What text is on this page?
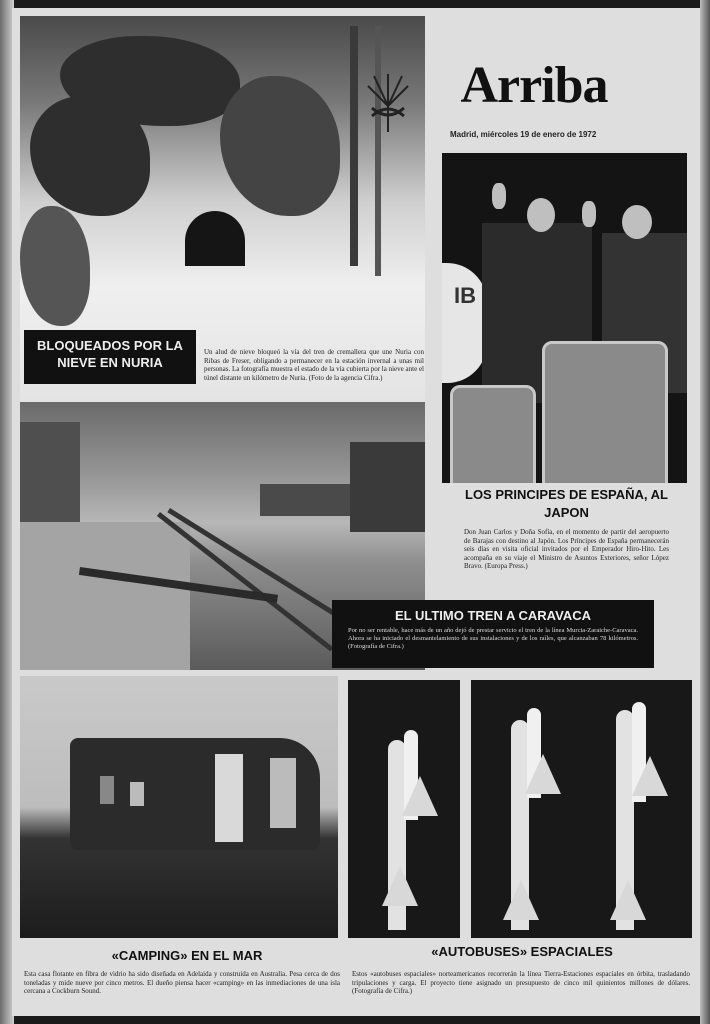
Arriba
Madrid, miércoles 19 de enero de 1972
BLOQUEADOS POR LA NIEVE EN NURIA
Un alud de nieve bloqueó la vía del tren de cremallera que une Nuria con Ribas de Freser, obligando a permanecer en la estación invernal a unas mil personas. La fotografía muestra el estado de la vía cubierta por la nieve ante el túnel distante un kilómetro de Nuria. (Foto de la agencia Cifra.)
IB
LOS PRINCIPES DE ESPAÑA, AL JAPON
Don Juan Carlos y Doña Sofía, en el momento de partir del aeropuerto de Barajas con destino al Japón. Los Príncipes de España permanecerán seis días en visita oficial invitados por el Emperador Hiro-Hito. Les acompaña en su viaje el Ministro de Asuntos Exteriores, señor López Bravo. (Europa Press.)
EL ULTIMO TREN A CARAVACA
Por no ser rentable, hace más de un año dejó de prestar servicio el tren de la línea Murcia-Zaraiche-Caravaca. Ahora se ha iniciado el desmantelamiento de sus instalaciones y de los raíles, que alcanzaban 78 kilómetros. (Fotografía de Cifra.)
«CAMPING» EN EL MAR	«AUTOBUSES» ESPACIALES
Esta casa flotante en fibra de vidrio ha sido diseñada en Adelaida y construida en Australia. Pesa cerca de dos toneladas y mide nueve por cinco metros. El dueño piensa hacer «camping» en las inmediaciones de una isla cercana a Cockburn Sound.
Estos «autobuses espaciales» norteamericanos recorrerán la línea Tierra-Estaciones espaciales en órbita, trasladando tripulaciones y carga. El proyecto tiene asignado un presupuesto de cinco mil quinientos millones de dólares. (Fotografía de Cifra.)
